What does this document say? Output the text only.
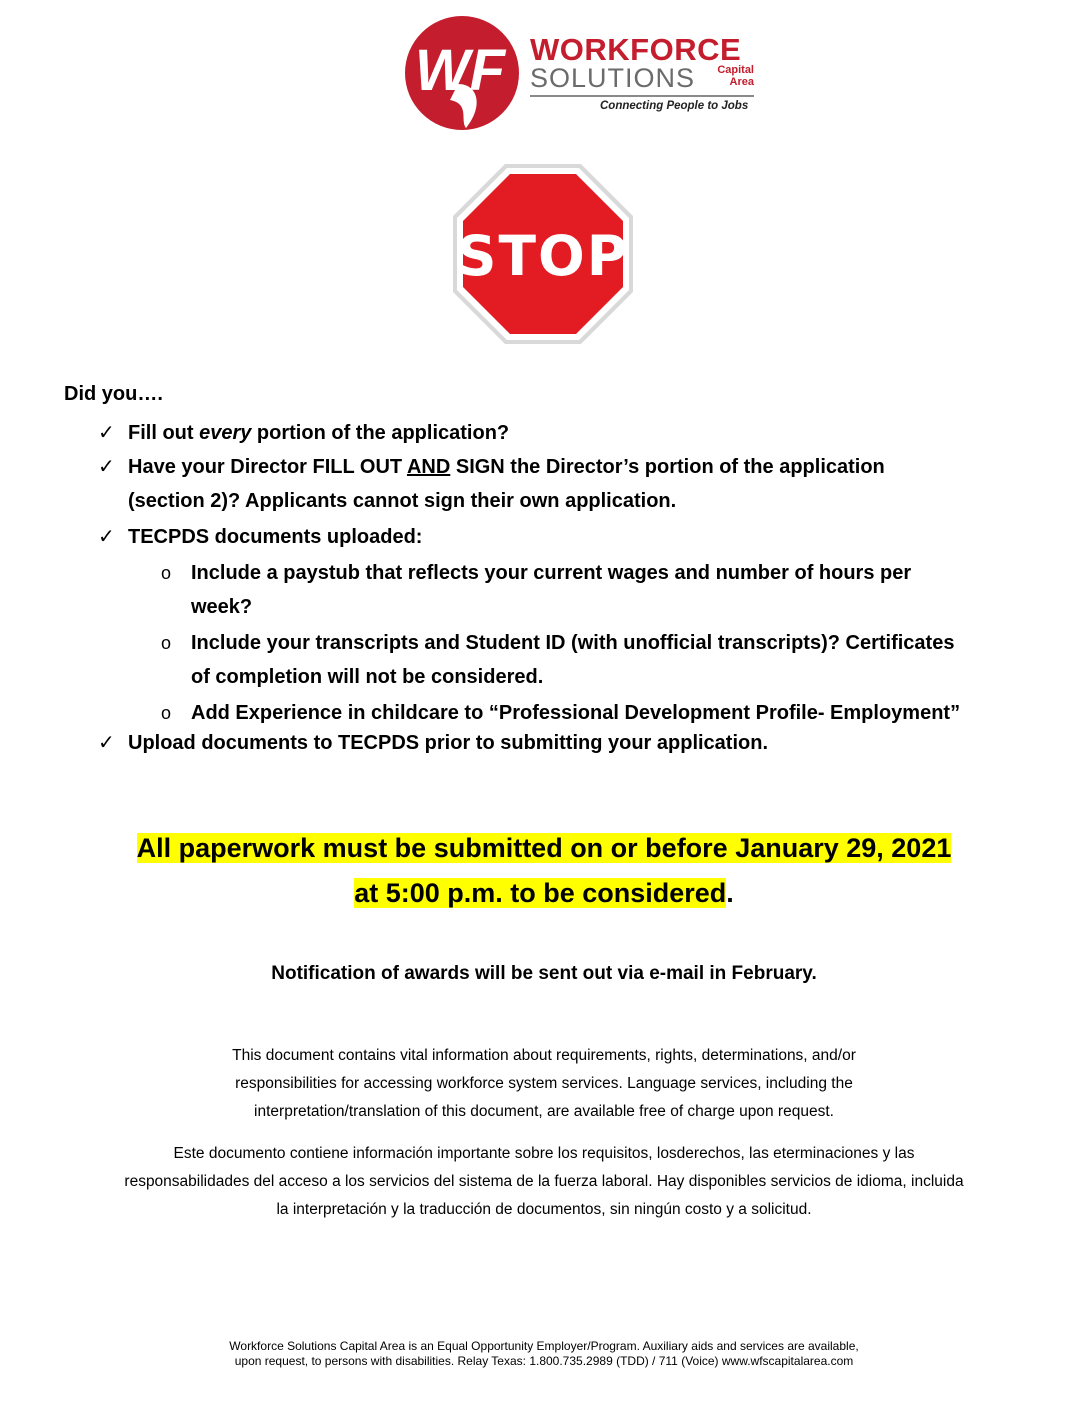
WF WORKFORCE
SOLUTIONS	Capital
Area
Connecting People to Jobs
STOP
Did you….
✓ Fill out every portion of the application?
✓ Have your Director FILL OUT AND SIGN the Director’s portion of the application
(section 2)? Applicants cannot sign their own application.
✓ TECPDS documents uploaded:
o Include a paystub that reflects your current wages and number of hours per
week?
o Include your transcripts and Student ID (with unofficial transcripts)? Certificates
of completion will not be considered.
o Add Experience in childcare to “Professional Development Profile- Employment”
✓ Upload documents to TECPDS prior to submitting your application.
All paperwork must be submitted on or before January 29, 2021
at 5:00 p.m. to be considered.
Notification of awards will be sent out via e-mail in February.
This document contains vital information about requirements, rights, determinations, and/or
responsibilities for accessing workforce system services. Language services, including the
interpretation/translation of this document, are available free of charge upon request.
Este documento contiene información importante sobre los requisitos, losderechos, las eterminaciones y las
responsabilidades del acceso a los servicios del sistema de la fuerza laboral. Hay disponibles servicios de idioma, incluida
la interpretación y la traducción de documentos, sin ningún costo y a solicitud.
Workforce Solutions Capital Area is an Equal Opportunity Employer/Program. Auxiliary aids and services are available,
upon request, to persons with disabilities. Relay Texas: 1.800.735.2989 (TDD) / 711 (Voice) www.wfscapitalarea.com
